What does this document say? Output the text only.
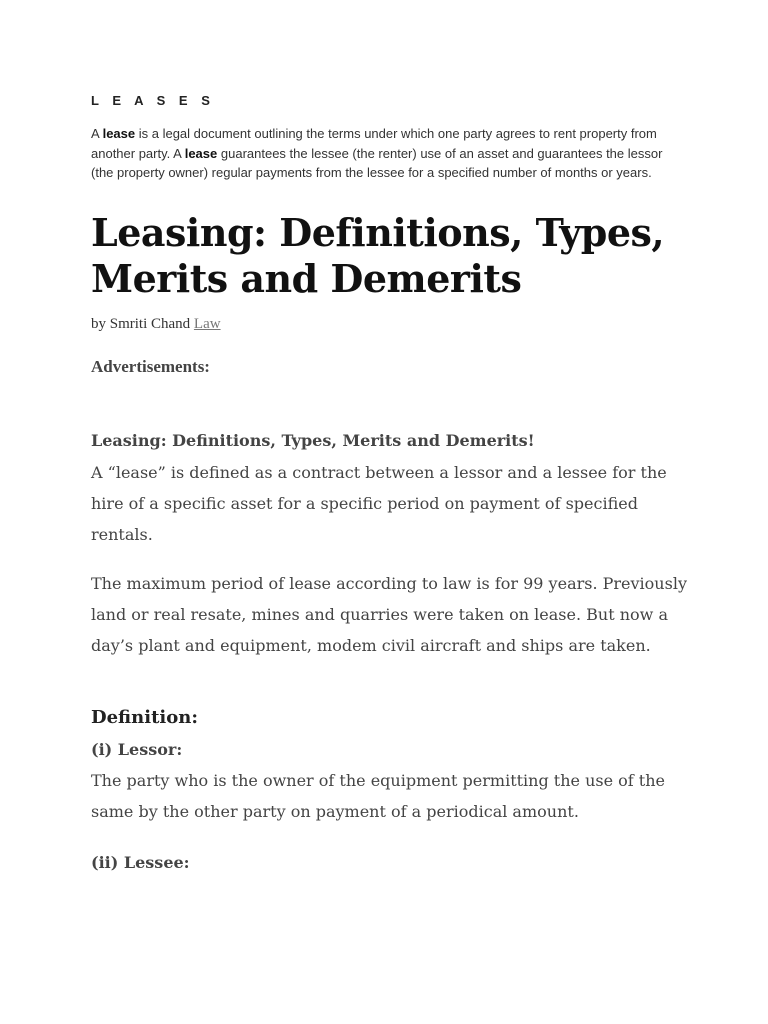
L E A S E S

A lease is a legal document outlining the terms under which one party agrees to rent property from another party. A lease guarantees the lessee (the renter) use of an asset and guarantees the lessor (the property owner) regular payments from the lessee for a specified number of months or years.

Leasing: Definitions, Types, Merits and Demerits

by Smriti Chand Law

Advertisements:

Leasing: Definitions, Types, Merits and Demerits!

A “lease” is defined as a contract between a lessor and a lessee for the hire of a specific asset for a specific period on payment of specified rentals.

The maximum period of lease according to law is for 99 years. Previously land or real resate, mines and quarries were taken on lease. But now a day’s plant and equipment, modem civil aircraft and ships are taken.

Definition:

(i) Lessor:

The party who is the owner of the equipment permitting the use of the same by the other party on payment of a periodical amount.

(ii) Lessee:
